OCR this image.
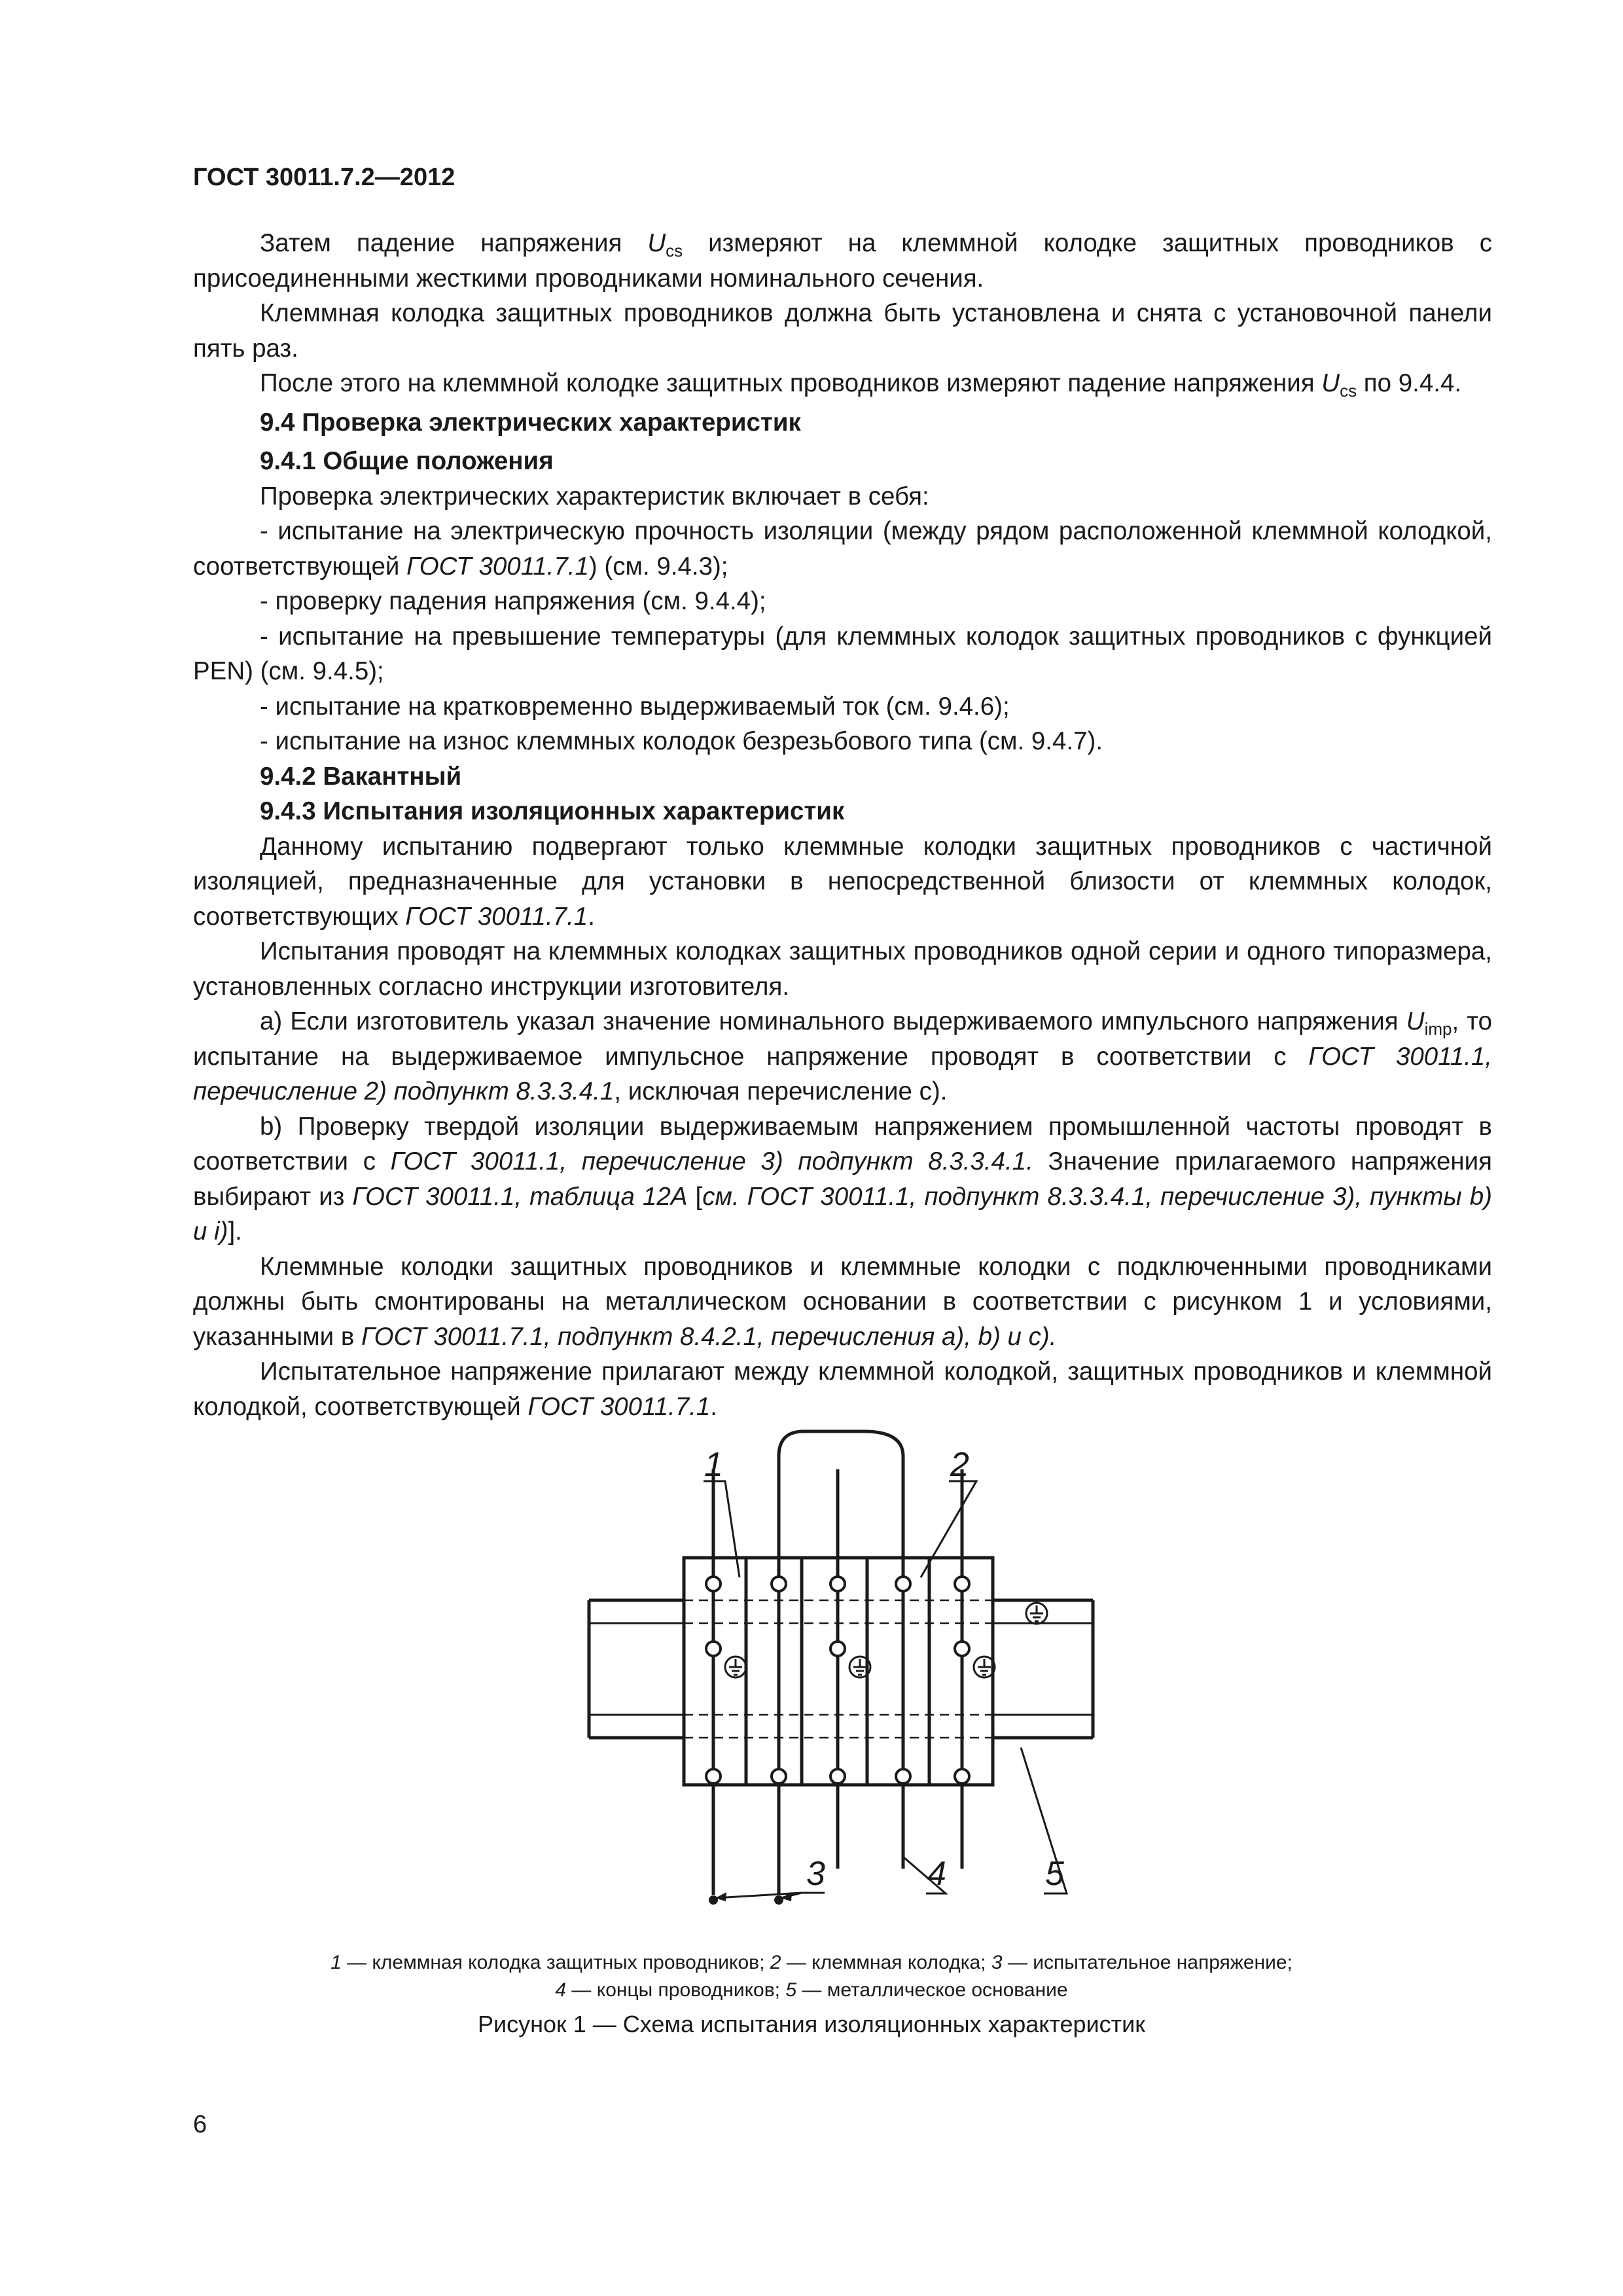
ГОСТ 30011.7.2—2012

Затем падение напряжения $U_{cs}$ измеряют на клеммной колодке защитных проводников с присоединенными жесткими проводниками номинального сечения.

Клеммная колодка защитных проводников должна быть установлена и снята с установочной панели пять раз.

После этого на клеммной колодке защитных проводников измеряют падение напряжения $U_{cs}$ по 9.4.4.

9.4 Проверка электрических характеристик

9.4.1 Общие положения

Проверка электрических характеристик включает в себя:

- испытание на электрическую прочность изоляции (между рядом расположенной клеммной колодкой, соответствующей ГОСТ 30011.7.1) (см. 9.4.3);

- проверку падения напряжения (см. 9.4.4);

- испытание на превышение температуры (для клеммных колодок защитных проводников с функцией PEN) (см. 9.4.5);

- испытание на кратковременно выдерживаемый ток (см. 9.4.6);

- испытание на износ клеммных колодок безрезьбового типа (см. 9.4.7).

9.4.2 Вакантный

9.4.3 Испытания изоляционных характеристик

Данному испытанию подвергают только клеммные колодки защитных проводников с частичной изоляцией, предназначенные для установки в непосредственной близости от клеммных колодок, соответствующих ГОСТ 30011.7.1.

Испытания проводят на клеммных колодках защитных проводников одной серии и одного типоразмера, установленных согласно инструкции изготовителя.

a) Если изготовитель указал значение номинального выдерживаемого импульсного напряжения $U_{imp}$, то испытание на выдерживаемое импульсное напряжение проводят в соответствии с ГОСТ 30011.1, перечисление 2) подпункт 8.3.3.4.1, исключая перечисление с).

b) Проверку твердой изоляции выдерживаемым напряжением промышленной частоты проводят в соответствии с ГОСТ 30011.1, перечисление 3) подпункт 8.3.3.4.1. Значение прилагаемого напряжения выбирают из ГОСТ 30011.1, таблица 12А [см. ГОСТ 30011.1, подпункт 8.3.3.4.1, перечисление 3), пункты b) и i)].

Клеммные колодки защитных проводников и клеммные колодки с подключенными проводниками должны быть смонтированы на металлическом основании в соответствии с рисунком 1 и условиями, указанными в ГОСТ 30011.7.1, подпункт 8.4.2.1, перечисления a), b) и c).

Испытательное напряжение прилагают между клеммной колодкой, защитных проводников и клеммной колодкой, соответствующей ГОСТ 30011.7.1.

1	2
3	4	5
1 — клеммная колодка защитных проводников; 2 — клеммная колодка; 3 — испытательное напряжение;
4 — концы проводников; 5 — металлическое основание
Рисунок 1 — Схема испытания изоляционных характеристик
6
